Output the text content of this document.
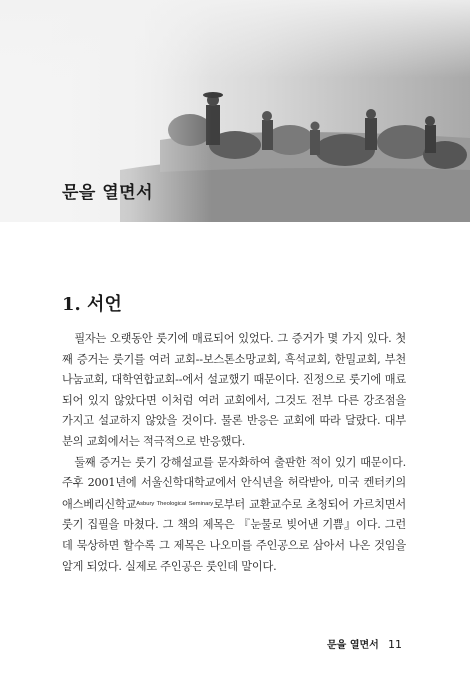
문을 열면서
1. 서언

필자는 오랫동안 룻기에 매료되어 있었다. 그 증거가 몇 가지 있다. 첫째 증거는 룻기를 여러 교회--보스톤소망교회, 흑석교회, 한밀교회, 부천나눔교회, 대학연합교회--에서 설교했기 때문이다. 진정으로 룻기에 매료되어 있지 않았다면 이처럼 여러 교회에서, 그것도 전부 다른 강조점을 가지고 설교하지 않았을 것이다. 물론 반응은 교회에 따라 달랐다. 대부분의 교회에서는 적극적으로 반응했다.

둘째 증거는 룻기 강해설교를 문자화하여 출판한 적이 있기 때문이다. 주후 2001년에 서울신학대학교에서 안식년을 허락받아, 미국 켄터키의 애스베리신학교$^{Asbury Theological Seminary}$로부터 교환교수로 초청되어 가르치면서 룻기 집필을 마쳤다. 그 책의 제목은 『눈물로 빚어낸 기쁨』이다. 그런데 묵상하면 할수록 그 제목은 나오미를 주인공으로 삼아서 나온 것임을 알게 되었다. 실제로 주인공은 룻인데 말이다.

문을 열면서 11
